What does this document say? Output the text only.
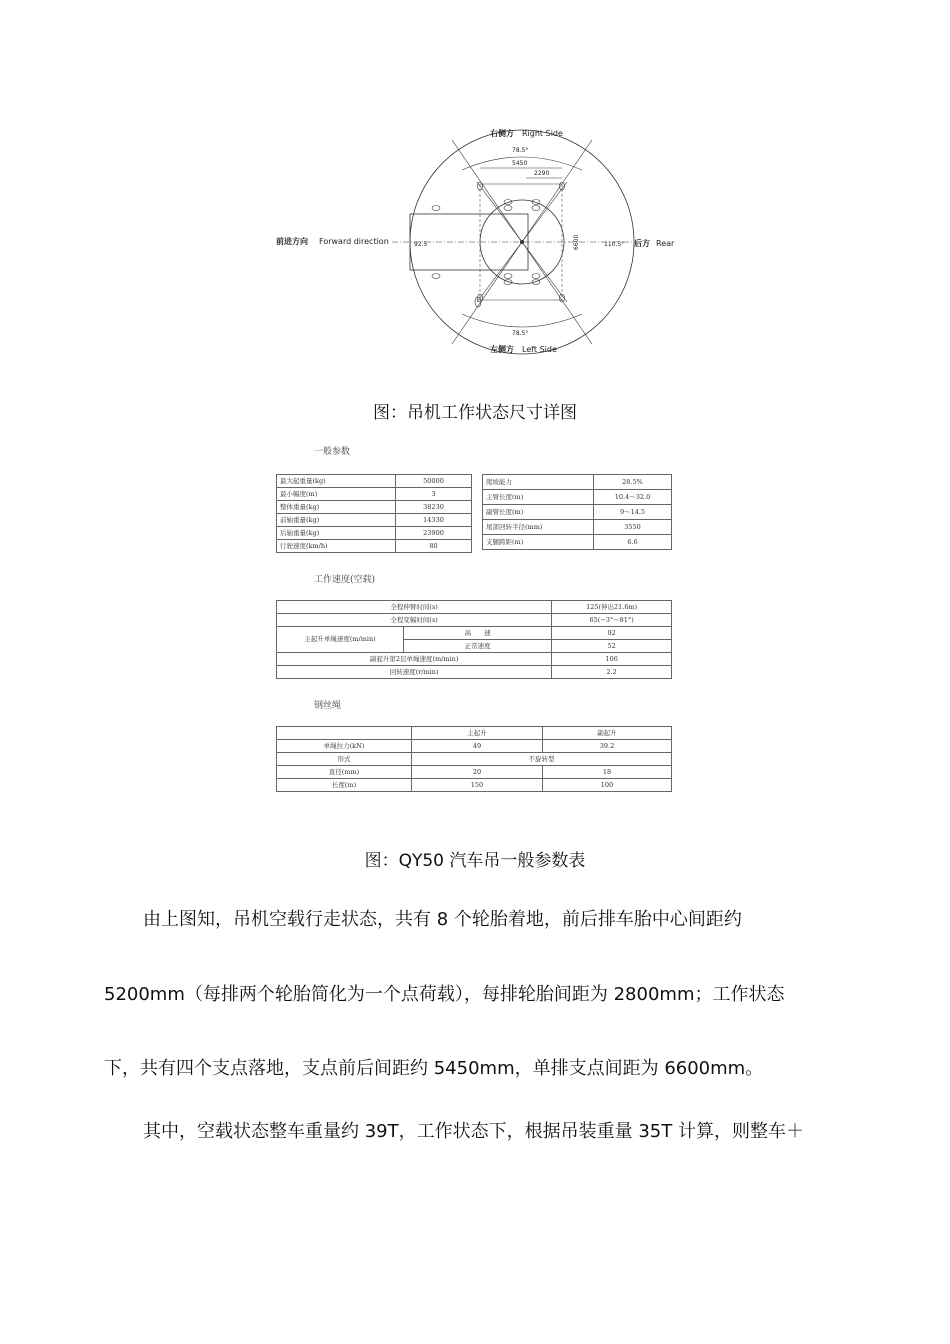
右侧方 Right Side
78.5°
5450
2290
前进方向 Forward direction	92.5	6600	110.5° 后方 Rear
78.5°
左侧方 Left Side
图：吊机工作状态尺寸详图
一般参数
最大起重量(kg)	50000
最小幅度(m)	3
整体重量(kg)	38230
前轴重量(kg)	14330
后轴重量(kg)	23900
行驶速度(km/h)	80
爬坡能力	28.5%
主臂长度(m)	10.4～32.0
副臂长度(m)	9～14.5
尾部回转半径(mm)	3550
支腿跨距(m)	6.6
工作速度(空载)
全程伸臂时间(s)		125(伸出21.6m)
全程变幅时间(s)		65(−3°～81°)
主起升单绳速度(m/min)	高　　速	92
	正常速度	52
副起升第2层单绳速度(m/min)		106
回转速度(r/min)		2.2
钢丝绳
	主起升	副起升
单绳拉力(kN)	49	39.2
形式	不旋转型	
直径(mm)	20	18
长度(m)	150	100
图：QY50 汽车吊一般参数表
由上图知，吊机空载行走状态，共有 8 个轮胎着地，前后排车胎中心间距约
5200mm（每排两个轮胎简化为一个点荷载），每排轮胎间距为 2800mm；工作状态
下，共有四个支点落地，支点前后间距约 5450mm，单排支点间距为 6600mm。
其中，空载状态整车重量约 39T，工作状态下，根据吊装重量 35T 计算，则整车＋
